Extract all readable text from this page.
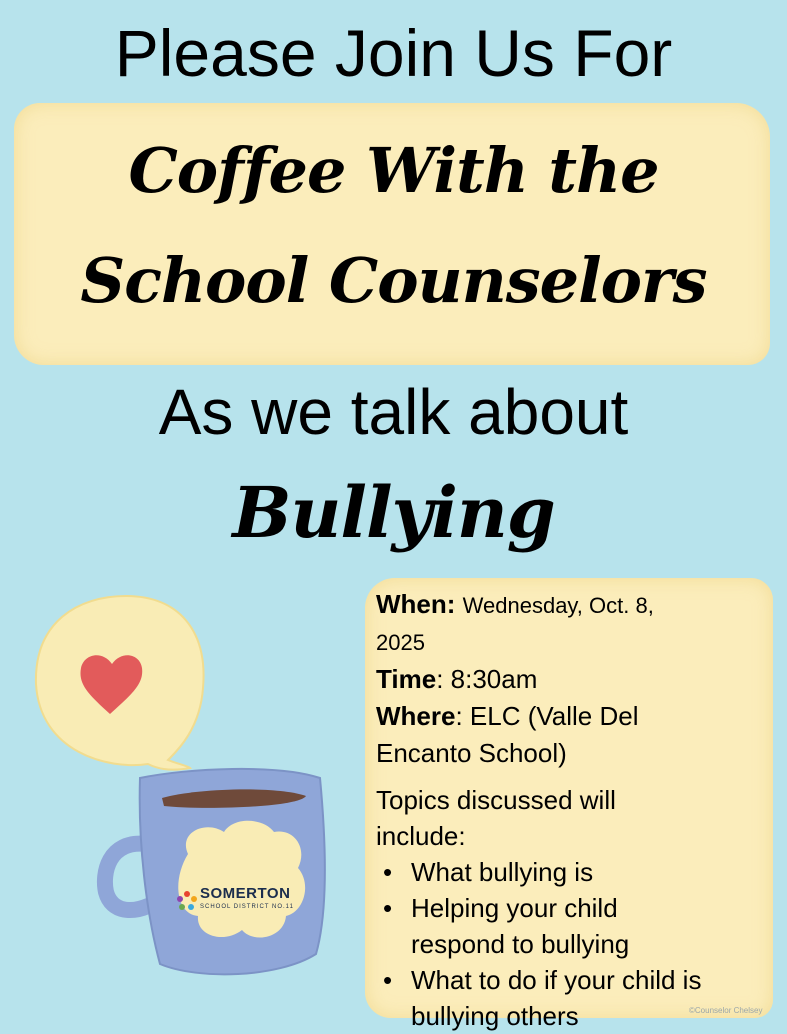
Please Join Us For
Coffee With the
School Counselors
As we talk about
Bullying
SOMERTON
SCHOOL DISTRICT NO.11

When: Wednesday, Oct. 8,

2025

Time: 8:30am

Where: ELC (Valle Del

Encanto School)

Topics discussed will

include:

• What bullying is
• Helping your child
respond to bullying
• What to do if your child is
bullying others	©Counselor Chelsey
